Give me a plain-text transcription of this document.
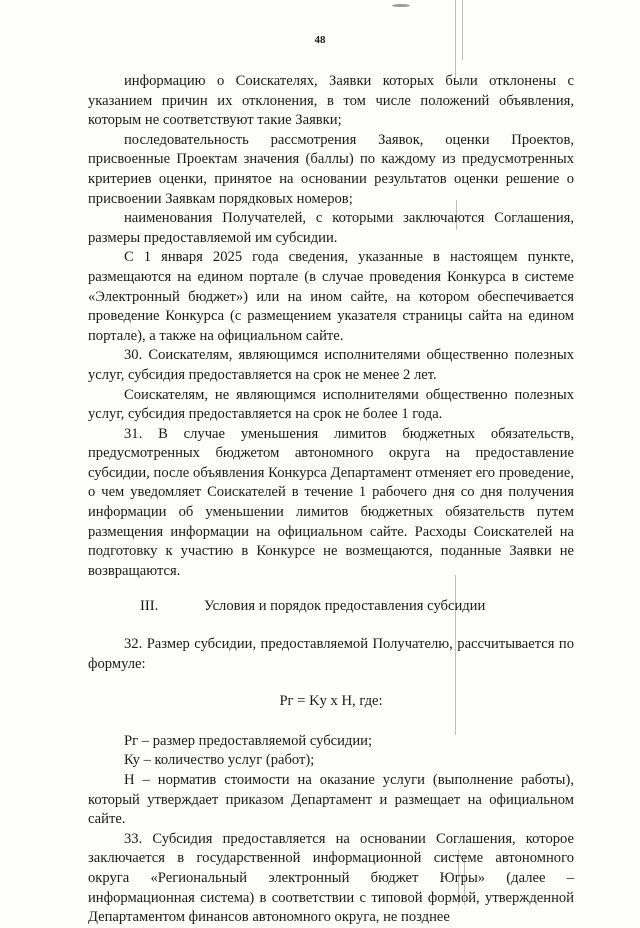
48

информацию о Соискателях, Заявки которых были отклонены с указанием причин их отклонения, в том числе положений объявления, которым не соответствуют такие Заявки;

последовательность рассмотрения Заявок, оценки Проектов, присвоенные Проектам значения (баллы) по каждому из предусмотренных критериев оценки, принятое на основании результатов оценки решение о присвоении Заявкам порядковых номеров;

наименования Получателей, с которыми заключаются Соглашения, размеры предоставляемой им субсидии.

С 1 января 2025 года сведения, указанные в настоящем пункте, размещаются на едином портале (в случае проведения Конкурса в системе «Электронный бюджет») или на ином сайте, на котором обеспечивается проведение Конкурса (с размещением указателя страницы сайта на едином портале), а также на официальном сайте.

30. Соискателям, являющимся исполнителями общественно полезных услуг, субсидия предоставляется на срок не менее 2 лет.

Соискателям, не являющимся исполнителями общественно полезных услуг, субсидия предоставляется на срок не более 1 года.

31. В случае уменьшения лимитов бюджетных обязательств, предусмотренных бюджетом автономного округа на предоставление субсидии, после объявления Конкурса Департамент отменяет его проведение, о чем уведомляет Соискателей в течение 1 рабочего дня со дня получения информации об уменьшении лимитов бюджетных обязательств путем размещения информации на официальном сайте. Расходы Соискателей на подготовку к участию в Конкурсе не возмещаются, поданные Заявки не возвращаются.

III.	Условия и порядок предоставления субсидии

32. Размер субсидии, предоставляемой Получателю, рассчитывается по формуле:

Pг = Ky x H, где:

Рг – размер предоставляемой субсидии;

Ку – количество услуг (работ);

Н – норматив стоимости на оказание услуги (выполнение работы), который утверждает приказом Департамент и размещает на официальном сайте.

33. Субсидия предоставляется на основании Соглашения, которое заключается в государственной информационной системе автономного округа «Региональный электронный бюджет Югры» (далее – информационная система) в соответствии с типовой формой, утвержденной Департаментом финансов автономного округа, не позднее
